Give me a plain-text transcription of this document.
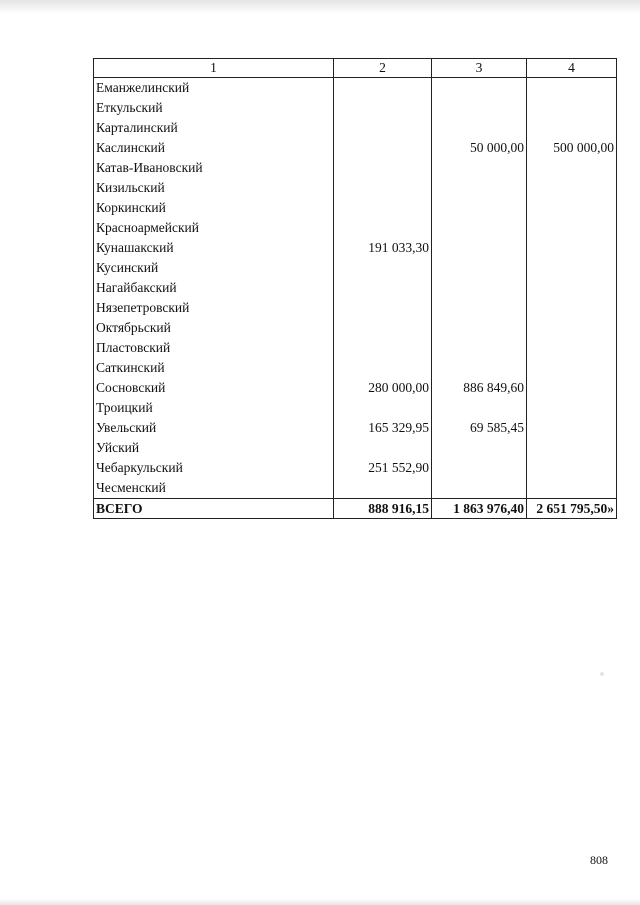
1	2	3	4
Еманжелинский			
Еткульский			
Карталинский			
Каслинский		50 000,00	500 000,00
Катав-Ивановский			
Кизильский			
Коркинский			
Красноармейский			
Кунашакский	191 033,30		
Кусинский			
Нагайбакский			
Нязепетровский			
Октябрьский			
Пластовский			
Саткинский			
Сосновский	280 000,00	886 849,60	
Троицкий			
Увельский	165 329,95	69 585,45	
Уйский			
Чебаркульский	251 552,90		
Чесменский			
ВСЕГО	888 916,15	1 863 976,40	2 651 795,50»
808
